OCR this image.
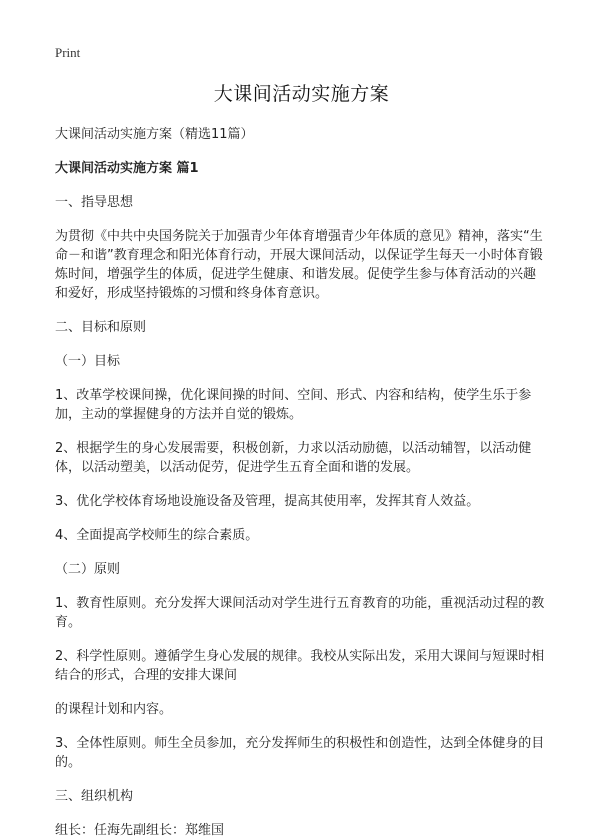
Print
大课间活动实施方案
大课间活动实施方案（精选11篇）
大课间活动实施方案 篇1
一、指导思想
为贯彻《中共中央国务院关于加强青少年体育增强青少年体质的意见》精神，落实“生命－和谐”教育理念和阳光体育行动，开展大课间活动，以保证学生每天一小时体育锻炼时间，增强学生的体质，促进学生健康、和谐发展。促使学生参与体育活动的兴趣和爱好，形成坚持锻炼的习惯和终身体育意识。
二、目标和原则
（一）目标
1、改革学校课间操，优化课间操的时间、空间、形式、内容和结构，使学生乐于参加，主动的掌握健身的方法并自觉的锻炼。
2、根据学生的身心发展需要，积极创新，力求以活动励德，以活动辅智，以活动健体，以活动塑美，以活动促劳，促进学生五育全面和谐的发展。
3、优化学校体育场地设施设备及管理，提高其使用率，发挥其育人效益。
4、全面提高学校师生的综合素质。
（二）原则
1、教育性原则。充分发挥大课间活动对学生进行五育教育的功能，重视活动过程的教育。
2、科学性原则。遵循学生身心发展的规律。我校从实际出发，采用大课间与短课时相结合的形式，合理的安排大课间
的课程计划和内容。
3、全体性原则。师生全员参加，充分发挥师生的积极性和创造性，达到全体健身的目的。
三、组织机构
组长：任海先副组长：郑维国
